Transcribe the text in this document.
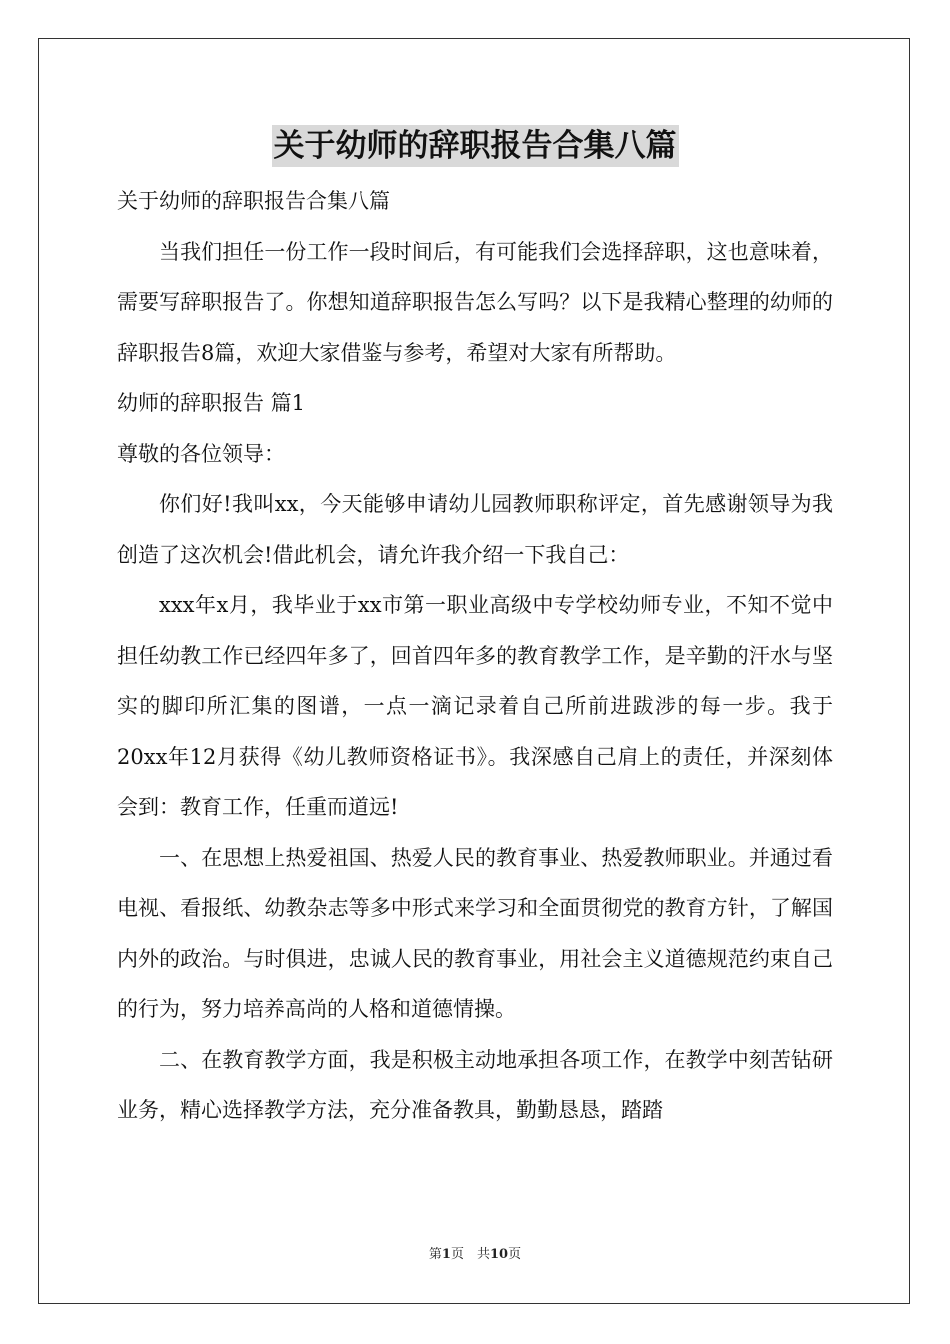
关于幼师的辞职报告合集八篇

关于幼师的辞职报告合集八篇

当我们担任一份工作一段时间后，有可能我们会选择辞职，这也意味着，需要写辞职报告了。你想知道辞职报告怎么写吗？以下是我精心整理的幼师的辞职报告8篇，欢迎大家借鉴与参考，希望对大家有所帮助。

幼师的辞职报告 篇1

尊敬的各位领导：

你们好!我叫xx，今天能够申请幼儿园教师职称评定，首先感谢领导为我创造了这次机会!借此机会，请允许我介绍一下我自己：

xxx年x月，我毕业于xx市第一职业高级中专学校幼师专业，不知不觉中担任幼教工作已经四年多了，回首四年多的教育教学工作，是辛勤的汗水与坚实的脚印所汇集的图谱，一点一滴记录着自己所前进跋涉的每一步。我于20xx年12月获得《幼儿教师资格证书》。我深感自己肩上的责任，并深刻体会到：教育工作，任重而道远!

一、在思想上热爱祖国、热爱人民的教育事业、热爱教师职业。并通过看电视、看报纸、幼教杂志等多中形式来学习和全面贯彻党的教育方针，了解国内外的政治。与时俱进，忠诚人民的教育事业，用社会主义道德规范约束自己的行为，努力培养高尚的人格和道德情操。

二、在教育教学方面，我是积极主动地承担各项工作，在教学中刻苦钻研业务，精心选择教学方法，充分准备教具，勤勤恳恳，踏踏

第1页　共10页
